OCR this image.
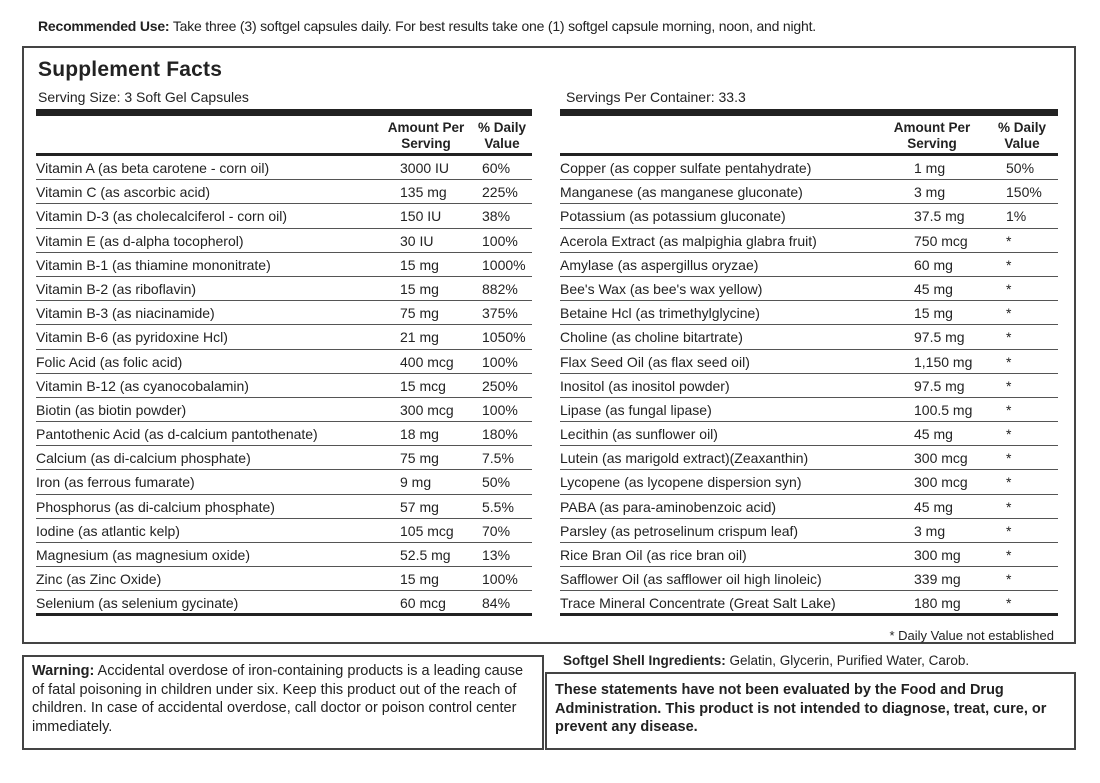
Recommended Use: Take three (3) softgel capsules daily. For best results take one (1) softgel capsule morning, noon, and night.
Supplement Facts
Serving Size: 3 Soft Gel Capsules	Servings Per Container: 33.3
Amount Per
Serving
% Daily
Value
Vitamin A (as beta carotene - corn oil)	3000 IU 60%
Vitamin C (as ascorbic acid)	135 mg	225%
Vitamin D-3 (as cholecalciferol - corn oil)	150 IU	38%
Vitamin E (as d-alpha tocopherol)	30 IU	100%
Vitamin B-1 (as thiamine mononitrate)	15 mg	1000%
Vitamin B-2 (as riboflavin)	15 mg	882%
Vitamin B-3 (as niacinamide)	75 mg	375%
Vitamin B-6 (as pyridoxine Hcl)	21 mg	1050%
Folic Acid (as folic acid)	400 mcg 100%
Vitamin B-12 (as cyanocobalamin)	15 mcg	250%
Biotin (as biotin powder)	300 mcg 100%
Pantothenic Acid (as d-calcium pantothenate)	18 mg	180%
Calcium (as di-calcium phosphate)	75 mg	7.5%
Iron (as ferrous fumarate)	9 mg	50%
Phosphorus (as di-calcium phosphate)	57 mg	5.5%
Iodine (as atlantic kelp)	105 mcg 70%
Magnesium (as magnesium oxide)	52.5 mg 13%
Zinc (as Zinc Oxide)	15 mg	100%
Selenium (as selenium gycinate)	60 mcg	84%
Amount Per
Serving
% Daily
Value
Copper (as copper sulfate pentahydrate)	1 mg	50%
Manganese (as manganese gluconate)	3 mg	150%
Potassium (as potassium gluconate)	37.5 mg	1%
Acerola Extract (as malpighia glabra fruit)	750 mcg	*
Amylase (as aspergillus oryzae)	60 mg	*
Bee's Wax (as bee's wax yellow)	45 mg	*
Betaine Hcl (as trimethylglycine)	15 mg	*
Choline (as choline bitartrate)	97.5 mg	*
Flax Seed Oil (as flax seed oil)	1,150 mg *
Inositol (as inositol powder)	97.5 mg	*
Lipase (as fungal lipase)	100.5 mg *
Lecithin (as sunflower oil)	45 mg	*
Lutein (as marigold extract)(Zeaxanthin)	300 mcg	*
Lycopene (as lycopene dispersion syn)	300 mcg	*
PABA (as para-aminobenzoic acid)	45 mg	*
Parsley (as petroselinum crispum leaf)	3 mg	*
Rice Bran Oil (as rice bran oil)	300 mg	*
Safflower Oil (as safflower oil high linoleic)	339 mg	*
Trace Mineral Concentrate (Great Salt Lake)	180 mg	*
* Daily Value not established
Warning: Accidental overdose of iron-containing products is a leading cause of fatal poisoning in children under six. Keep this product out of the reach of children. In case of accidental overdose, call doctor or poison control center immediately.
Softgel Shell Ingredients: Gelatin, Glycerin, Purified Water, Carob.
These statements have not been evaluated by the Food and Drug Administration. This product is not intended to diagnose, treat, cure, or prevent any disease.
